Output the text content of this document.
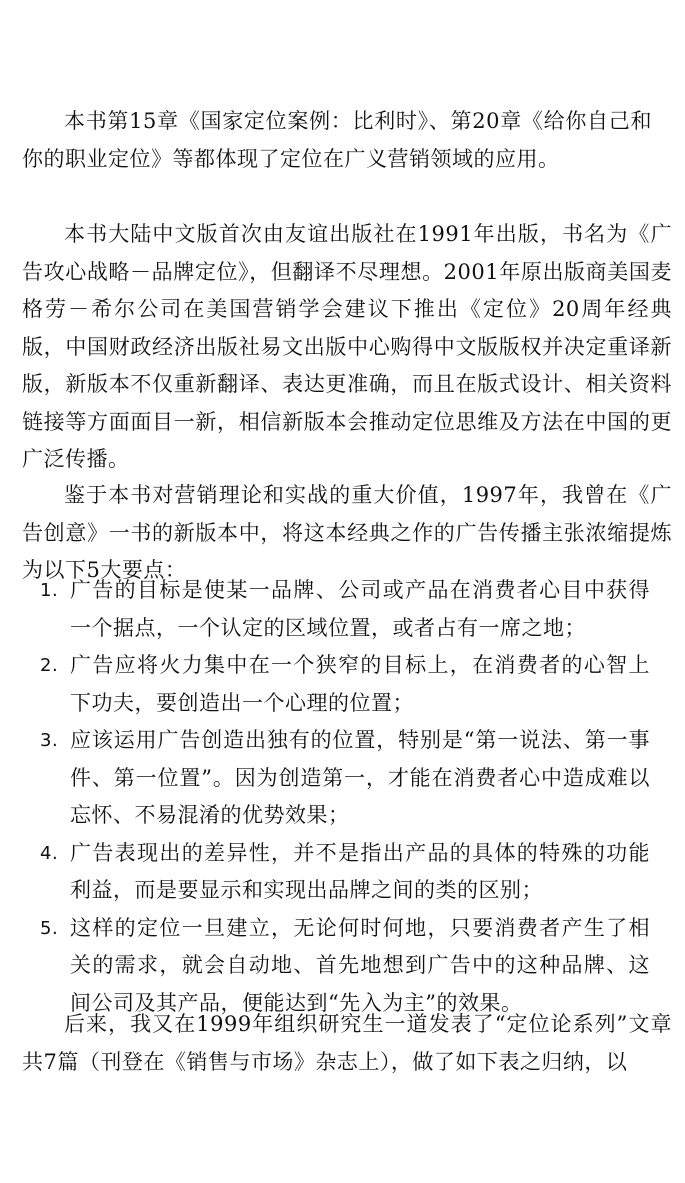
本书第15章《国家定位案例：比利时》、第20章《给你自己和你的职业定位》等都体现了定位在广义营销领域的应用。

本书大陆中文版首次由友谊出版社在1991年出版，书名为《广告攻心战略－品牌定位》，但翻译不尽理想。2001年原出版商美国麦格劳－希尔公司在美国营销学会建议下推出《定位》20周年经典版，中国财政经济出版社易文出版中心购得中文版版权并决定重译新版，新版本不仅重新翻译、表达更准确，而且在版式设计、相关资料链接等方面面目一新，相信新版本会推动定位思维及方法在中国的更广泛传播。

鉴于本书对营销理论和实战的重大价值，1997年，我曾在《广告创意》一书的新版本中，将这本经典之作的广告传播主张浓缩提炼为以下5大要点：

1. 广告的目标是使某一品牌、公司或产品在消费者心目中获得一个据点，一个认定的区域位置，或者占有一席之地；
2. 广告应将火力集中在一个狭窄的目标上，在消费者的心智上下功夫，要创造出一个心理的位置；
3. 应该运用广告创造出独有的位置，特别是“第一说法、第一事件、第一位置”。因为创造第一，才能在消费者心中造成难以忘怀、不易混淆的优势效果；
4. 广告表现出的差异性，并不是指出产品的具体的特殊的功能利益，而是要显示和实现出品牌之间的类的区别；
5. 这样的定位一旦建立，无论何时何地，只要消费者产生了相关的需求，就会自动地、首先地想到广告中的这种品牌、这间公司及其产品，便能达到“先入为主”的效果。

后来，我又在1999年组织研究生一道发表了“定位论系列”文章共7篇（刊登在《销售与市场》杂志上），做了如下表之归纳，以
